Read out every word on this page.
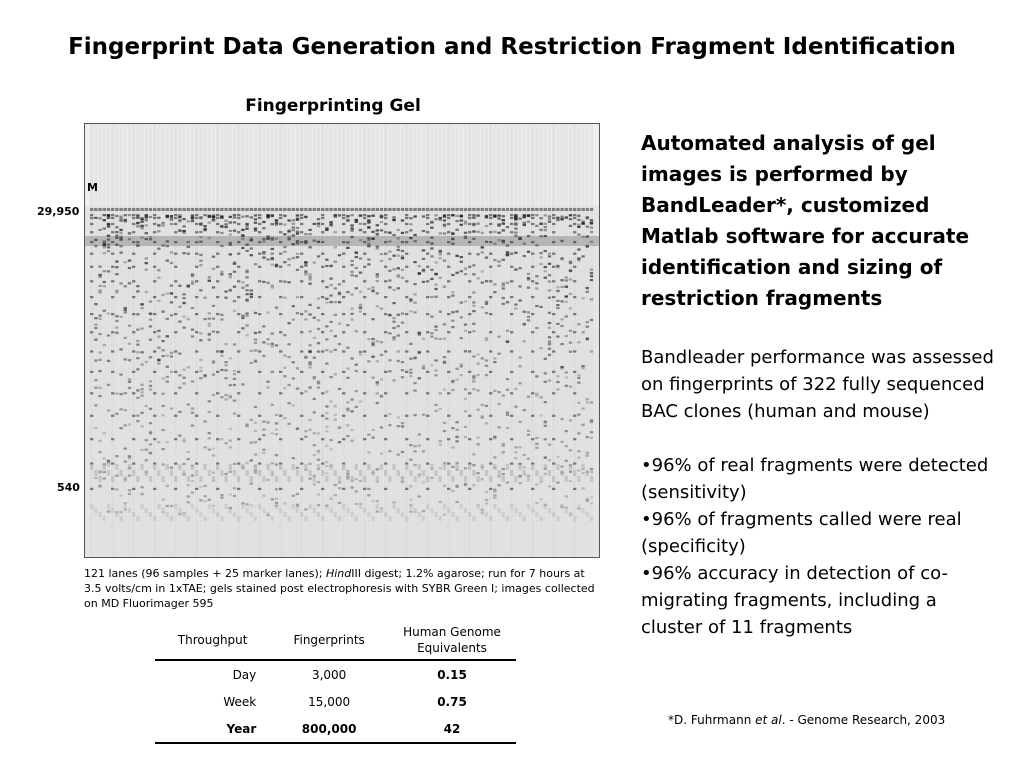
Fingerprint Data Generation and Restriction Fragment Identification
Fingerprinting Gel
M
29,950
540
121 lanes (96 samples + 25 marker lanes); HindIII digest; 1.2% agarose; run for 7 hours at 3.5 volts/cm in 1xTAE; gels stained post electrophoresis with SYBR Green I; images collected on MD Fluorimager 595
Throughput	Fingerprints	Human Genome Equivalents
Day	3,000	0.15
Week	15,000	0.75
Year	800,000	42
Automated analysis of gel images is performed by BandLeader*, customized Matlab software for accurate identification and sizing of restriction fragments

Bandleader performance was assessed on fingerprints of 322 fully sequenced BAC clones (human and mouse)

•96% of real fragments were detected (sensitivity)

•96% of fragments called were real (specificity)

•96% accuracy in detection of co-migrating fragments, including a cluster of 11 fragments

*D. Fuhrmann et al. - Genome Research, 2003
